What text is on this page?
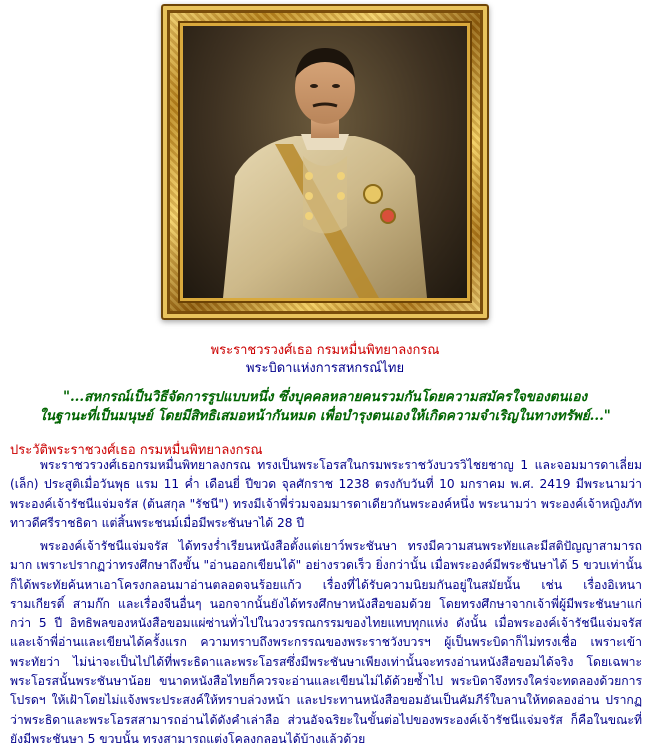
พระราชวรวงศ์เธอ กรมหมื่นพิทยาลงกรณ
พระบิดาแห่งการสหกรณ์ไทย
"...สหกรณ์เป็นวิธีจัดการรูปแบบหนึ่ง ซึ่งบุคคลหลายคนรวมกันโดยความสมัครใจของตนเอง
ในฐานะที่เป็นมนุษย์ โดยมีสิทธิเสมอหน้ากันหมด เพื่อบำรุงตนเองให้เกิดความจำเริญในทางทรัพย์..."
ประวัติพระราชวงศ์เธอ กรมหมื่นพิทยาลงกรณ
พระราชวรวงศ์เธอกรมหมื่นพิทยาลงกรณ ทรงเป็นพระโอรสในกรมพระราชวังบวรวิไชยชาญ 1 และจอมมารดาเลี่ยม (เล็ก) ประสูติเมื่อวันพุธ แรม 11 ค่ำ เดือนยี่ ปีขวด จุลศักราช 1238 ตรงกับวันที่ 10 มกราคม พ.ศ. 2419 มีพระนามว่า พระองค์เจ้ารัชนีแจ่มจรัส (ต้นสกุล "รัชนี") ทรงมีเจ้าพี่ร่วมจอมมารดาเดียวกันพระองค์หนึ่ง พระนามว่า พระองค์เจ้าหญิงภัททาวดีศรีราชธิดา แต่สิ้นพระชนม์เมื่อมีพระชันษาได้ 28 ปี
พระองค์เจ้ารัชนีแจ่มจรัส ได้ทรงร่ำเรียนหนังสือตั้งแต่เยาว์พระชันษา ทรงมีความสนพระทัยและมีสติปัญญาสามารถมาก เพราะปรากฏว่าทรงศึกษาถึงขั้น "อ่านออกเขียนได้" อย่างรวดเร็ว ยิ่งกว่านั้น เมื่อพระองค์มีพระชันษาได้ 5 ขวบเท่านั้น ก็ได้พระทัยค้นหาเอาโครงกลอนมาอ่านตลอดจนร้อยแก้ว เรื่องที่ได้รับความนิยมกันอยู่ในสมัยนั้น เช่น เรื่องอิเหนา รามเกียรติ์ สามก๊ก และเรื่องจีนอื่นๆ นอกจากนั้นยังได้ทรงศึกษาหนังสือขอมด้วย โดยทรงศึกษาจากเจ้าพี่ผู้มีพระชันษาแก่กว่า 5 ปี อิทธิพลของหนังสือขอมแผ่ซ่านทั่วไปในวงวรรณกรรมของไทยแทบทุกแห่ง ดังนั้น เมื่อพระองค์เจ้ารัชนีแจ่มจรัสและเจ้าพี่อ่านและเขียนได้ครั้งแรก ความทราบถึงพระกรรณของพระราชวังบวรฯ ผู้เป็นพระบิดาก็ไม่ทรงเชื่อ เพราะเข้าพระทัยว่า ไม่น่าจะเป็นไปได้ที่พระธิดาและพระโอรสซึ่งมีพระชันษาเพียงเท่านั้นจะทรงอ่านหนังสือขอมได้จริง โดยเฉพาะพระโอรสนั้นพระชันษาน้อย ขนาดหนังสือไทยก็ควรจะอ่านและเขียนไม่ได้ด้วยซ้ำไป พระบิดาจึงทรงใคร่จะทดลองด้วยการโปรดฯ ให้เฝ้าโดยไม่แจ้งพระประสงค์ให้ทราบล่วงหน้า และประทานหนังสือขอมอันเป็นคัมภีร์ใบลานให้ทดลองอ่าน ปรากฏว่าพระธิดาและพระโอรสสามารถอ่านได้ดังคำเล่าลือ ส่วนอัจฉริยะในขั้นต่อไปของพระองค์เจ้ารัชนีแจ่มจรัส ก็คือในขณะที่ยังมีพระชันษา 5 ขวบนั้น ทรงสามารถแต่งโคลงกลอนได้บ้างแล้วด้วย
